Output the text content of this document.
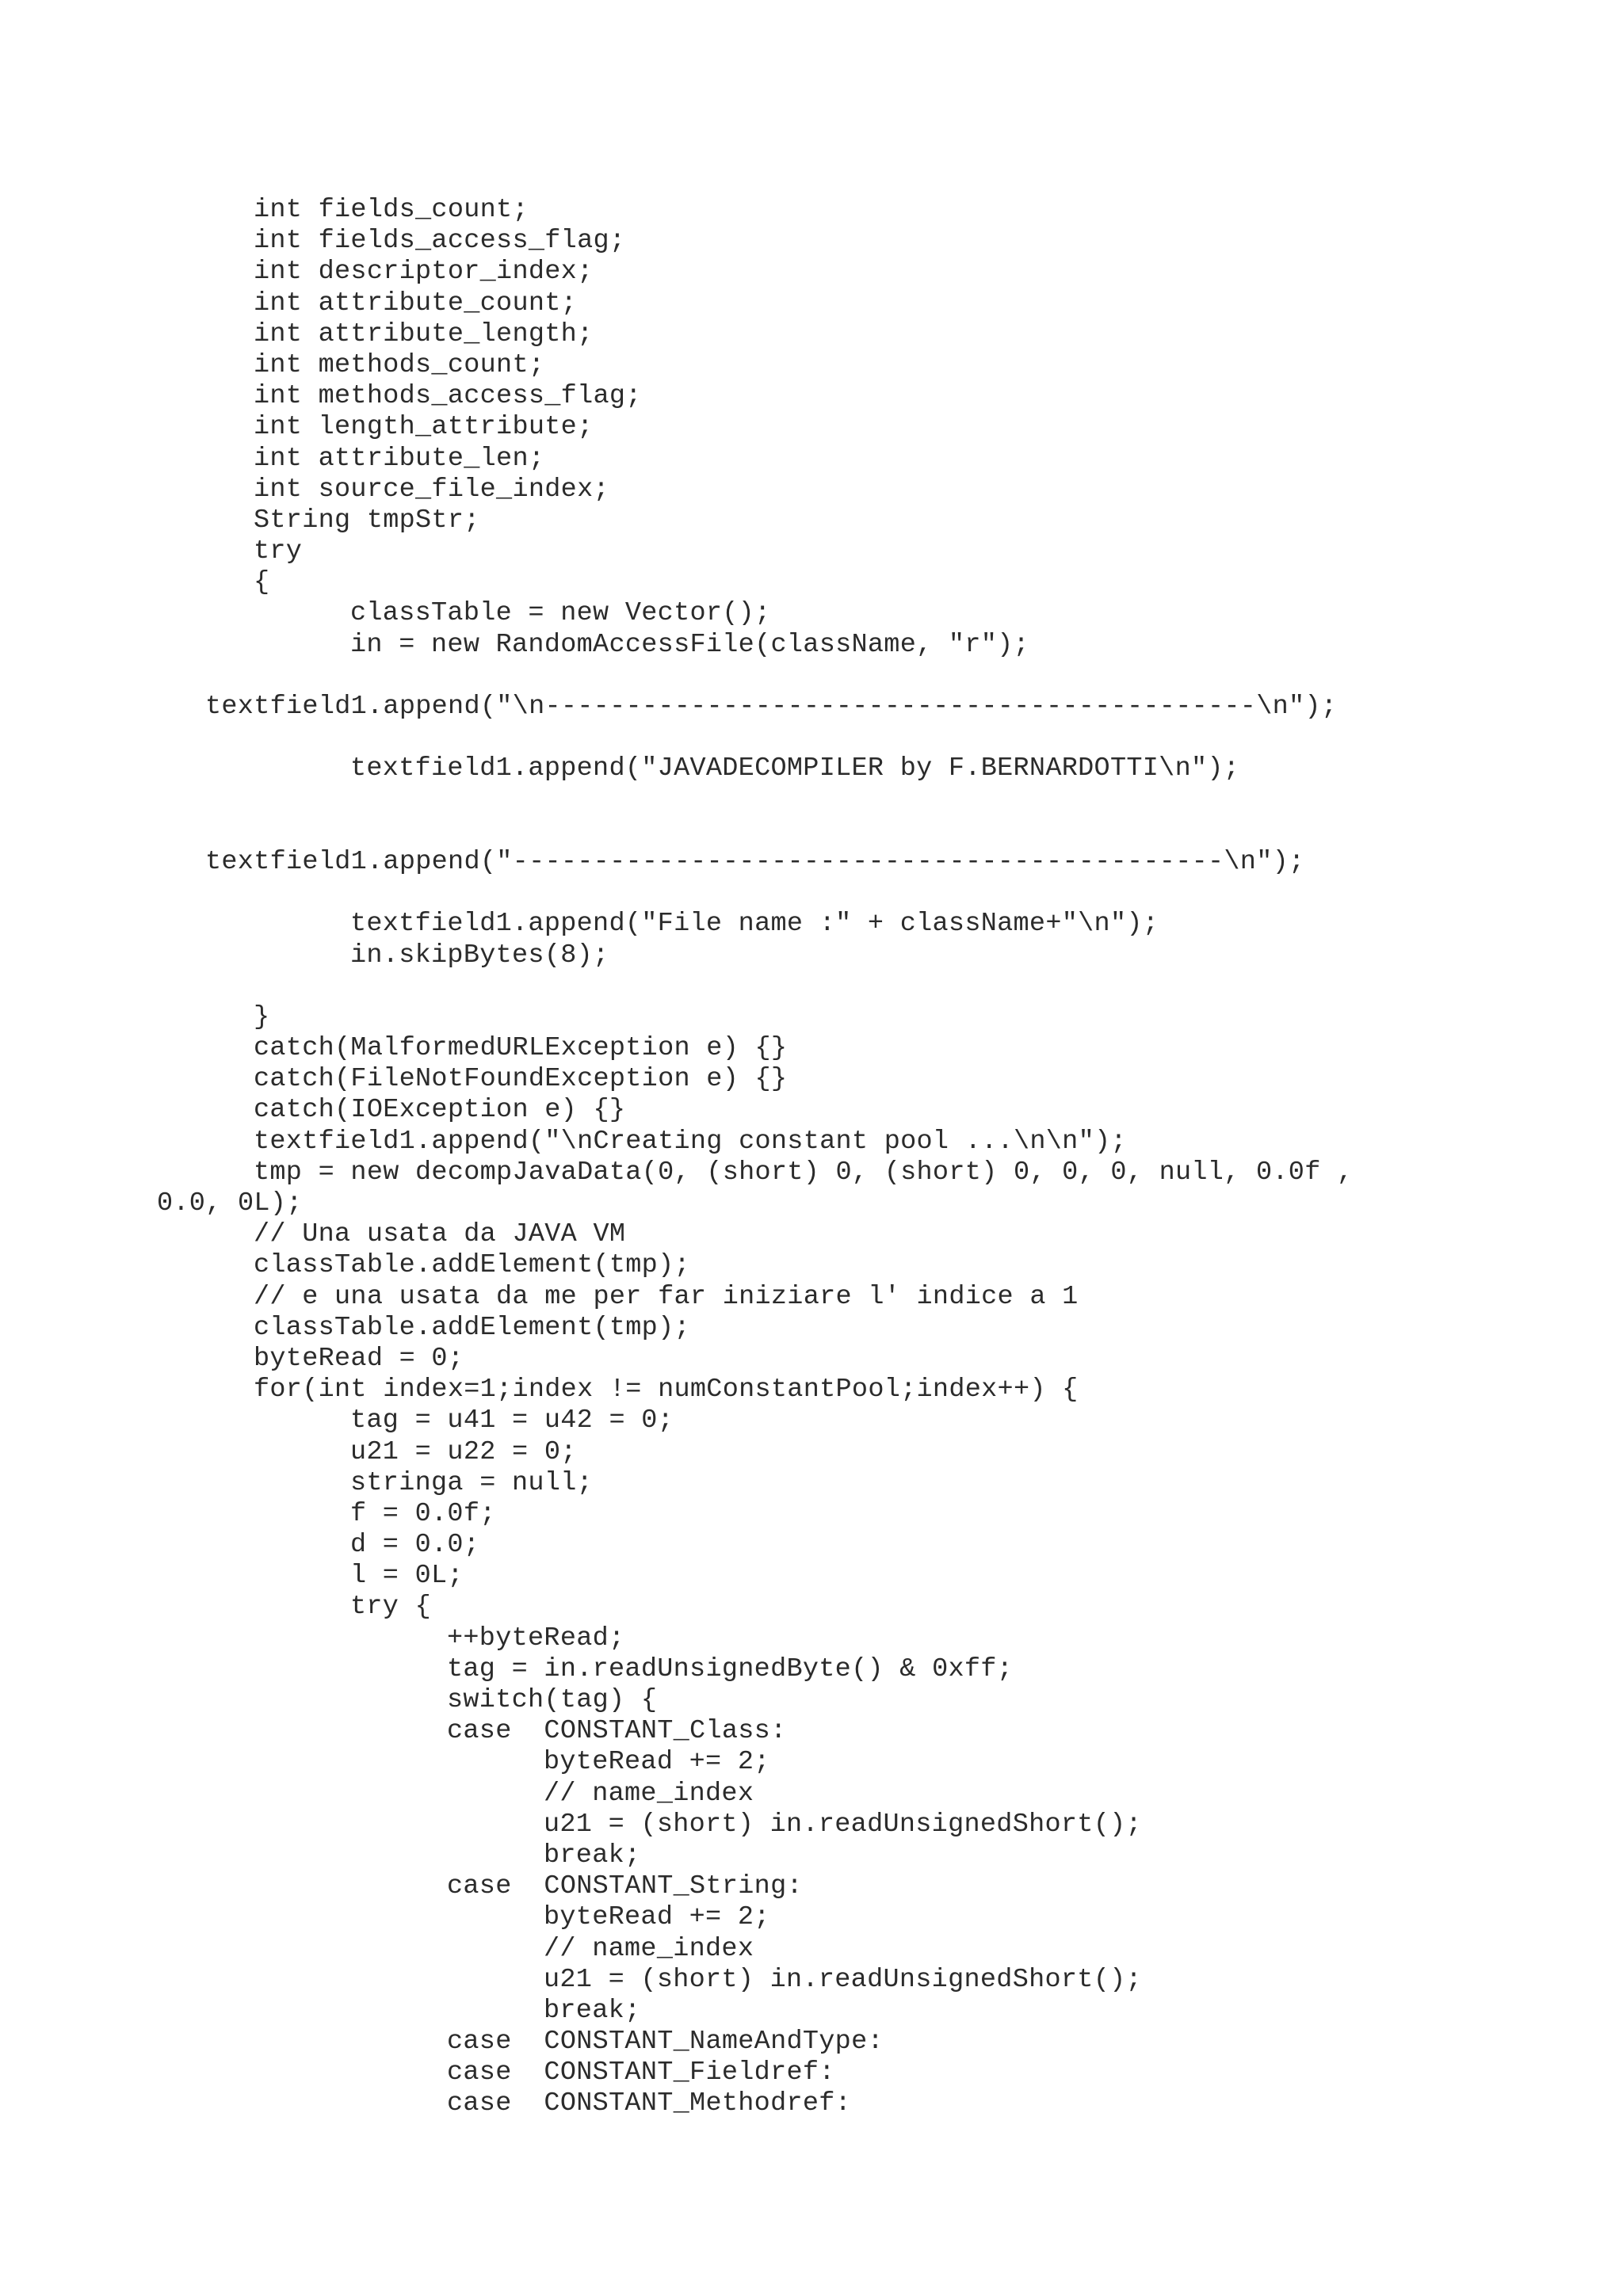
int fields_count;
int fields_access_flag;
int descriptor_index;
int attribute_count;
int attribute_length;
int methods_count;
int methods_access_flag;
int length_attribute;
int attribute_len;
int source_file_index;
String tmpStr;
try
{
classTable = new Vector();
in = new RandomAccessFile(className, "r");
textfield1.append("\n--------------------------------------------\n");
textfield1.append("JAVADECOMPILER by F.BERNARDOTTI\n");
textfield1.append("--------------------------------------------\n");
textfield1.append("File name :" + className+"\n");
in.skipBytes(8);
}
catch(MalformedURLException e) {}
catch(FileNotFoundException e) {}
catch(IOException e) {}
textfield1.append("\nCreating constant pool ...\n\n");
tmp = new decompJavaData(0, (short) 0, (short) 0, 0, 0, null, 0.0f ,
0.0, 0L);
// Una usata da JAVA VM
classTable.addElement(tmp);
// e una usata da me per far iniziare l' indice a 1
classTable.addElement(tmp);
byteRead = 0;
for(int index=1;index != numConstantPool;index++) {
tag = u41 = u42 = 0;
u21 = u22 = 0;
stringa = null;
f = 0.0f;
d = 0.0;
l = 0L;
try {
++byteRead;
tag = in.readUnsignedByte() & 0xff;
switch(tag) {
case  CONSTANT_Class:
byteRead += 2;
// name_index
u21 = (short) in.readUnsignedShort();
break;
case  CONSTANT_String:
byteRead += 2;
// name_index
u21 = (short) in.readUnsignedShort();
break;
case  CONSTANT_NameAndType:
case  CONSTANT_Fieldref:
case  CONSTANT_Methodref:
